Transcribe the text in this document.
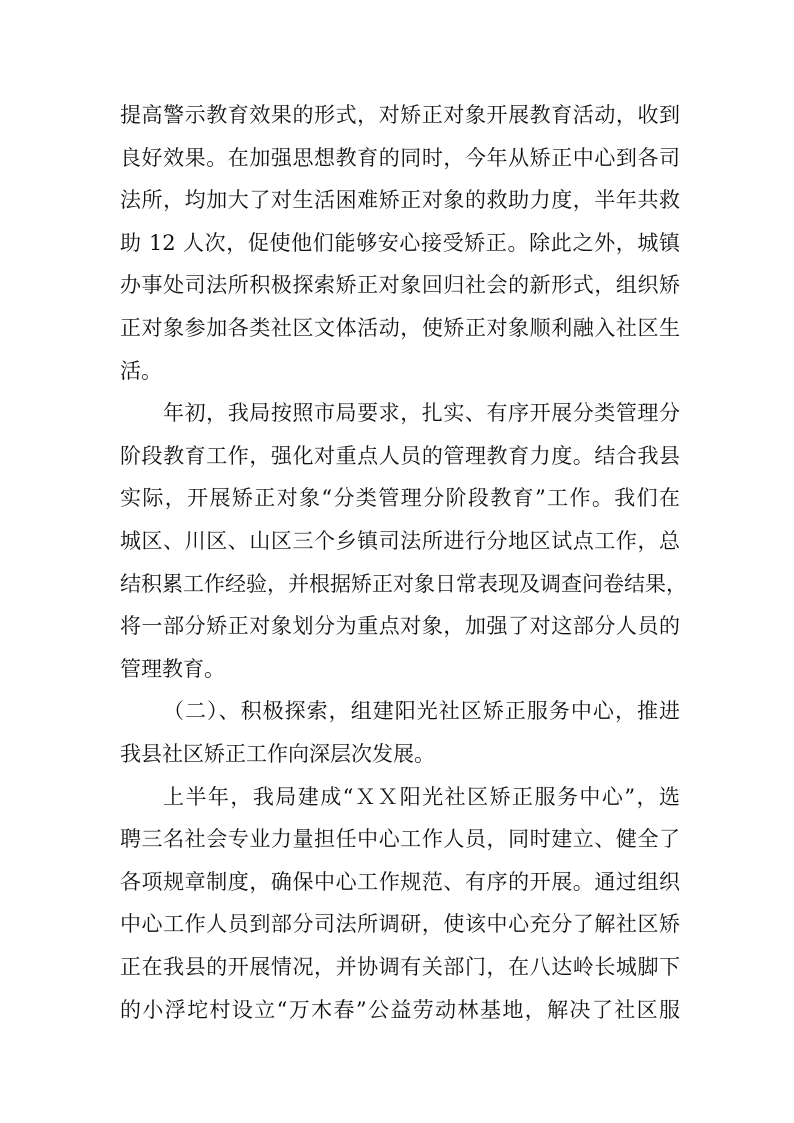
提高警示教育效果的形式，对矫正对象开展教育活动，收到
良好效果。在加强思想教育的同时，今年从矫正中心到各司
法所，均加大了对生活困难矫正对象的救助力度，半年共救
助 12 人次，促使他们能够安心接受矫正。除此之外，城镇
办事处司法所积极探索矫正对象回归社会的新形式，组织矫
正对象参加各类社区文体活动，使矫正对象顺利融入社区生
活。
年初，我局按照市局要求，扎实、有序开展分类管理分
阶段教育工作，强化对重点人员的管理教育力度。结合我县
实际，开展矫正对象“分类管理分阶段教育”工作。我们在
城区、川区、山区三个乡镇司法所进行分地区试点工作，总
结积累工作经验，并根据矫正对象日常表现及调查问卷结果，
将一部分矫正对象划分为重点对象，加强了对这部分人员的
管理教育。
（二）、积极探索，组建阳光社区矫正服务中心，推进
我县社区矫正工作向深层次发展。
上半年，我局建成“ＸＸ阳光社区矫正服务中心”，选
聘三名社会专业力量担任中心工作人员，同时建立、健全了
各项规章制度，确保中心工作规范、有序的开展。通过组织
中心工作人员到部分司法所调研，使该中心充分了解社区矫
正在我县的开展情况，并协调有关部门，在八达岭长城脚下
的小浮坨村设立“万木春”公益劳动林基地，解决了社区服
